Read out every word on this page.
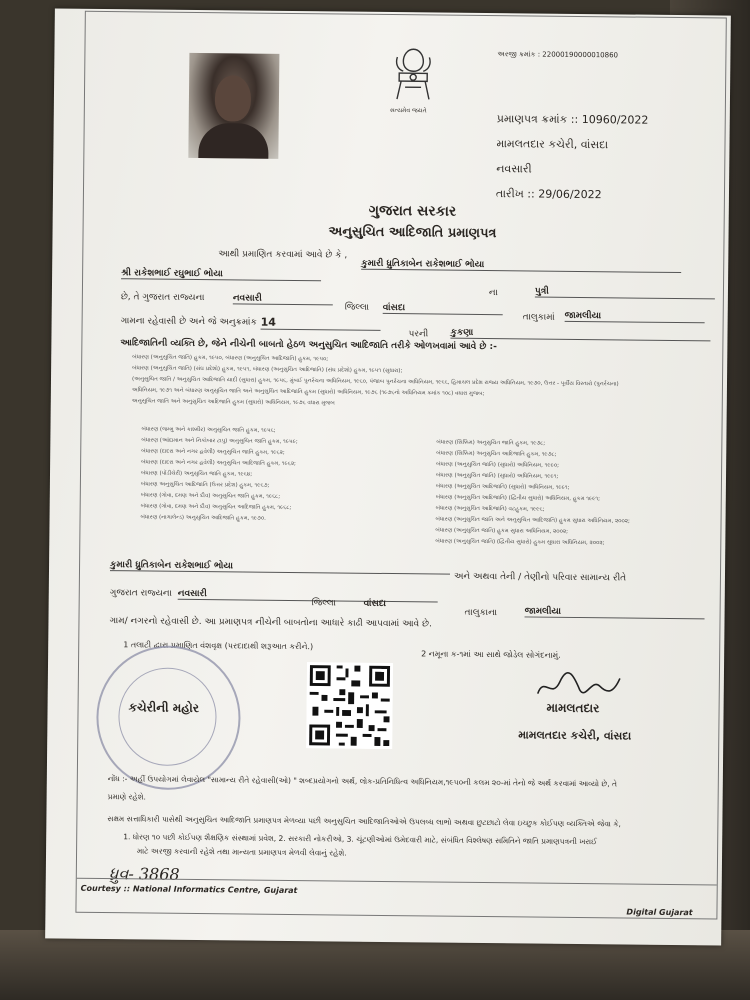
સત્યમેવ જયતે
અરજી ક્રમાંક : 22000190000010860
પ્રમાણપત્ર ક્રમાંક :: 10960/2022
મામલતદાર કચેરી, વાંસદા
નવસારી
તારીખ :: 29/06/2022
ગુજરાત સરકાર
અનુસુચિત આદિજાતિ પ્રમાણપત્ર
આથી પ્રમાણિત કરવામાં આવે છે કે ,
કુમારી ધ્રુતિકાબેન રાકેશભાઈ ભોયા
શ્રી રાકેશભાઈ રઘુભાઈ ભોયા
ના	પુત્રી
છે, તે ગુજરાત રાજ્યના	નવસારી
જિલ્લા વાંસદા
તાલુકામાં જામલીયા
ગામના રહેવાસી છે અને જે અનુક્રમાંક 14
પરની કુકણા
આદિજાતિની વ્યક્તિ છે, જેને નીચેની બાબતો હેઠળ અનુસુચિત આદિજાતિ તરીકે ઓળખવામાં આવે છે :-
બંધારણ (અનુસુચિત જાતિ) હુકમ, ૧૯૫૦, બંધારણ (અનુસુચિત આદિજાતિ) હુકમ, ૧૯૫૦;
બંધારણ (અનુસુચિત જાતિ) (સંઘ પ્રદેશો) હુકમ, ૧૯૫૧, બંધારણ (અનુસુચિત આદિજાતિ) (સંઘ પ્રદેશો) હુકમ, ૧૯૫૧ (સુધારા);
(અનુસુચિત જાતિ / અનુસુચિત આદિજાતિ યાદી (સુધારા) હુકમ, ૧૯૫૬, મુંબઈ પુનર્રચના અધિનિયમ, ૧૯૬૦, પંજાબ પુનર્રચના અધિનિયમ, ૧૯૬૬, હિમાચલ પ્રદેશ રાજ્ય અધિનિયમ, ૧૯૭૦, ઉત્તર - પૂર્વીય વિસ્તારો (પુનર્રચના)
અધિનિયમ, ૧૯૭૧ અને બંધારણ અનુસુચિત જાતિ અને અનુસુચિત આદિજાતિ હુકમ (સુધારો) અધિનિયમ, ૧૯૭૬ (૧૯૭૬નો અધિનિયમ ક્રમાંક ૧૦૮) વધારા મુજબ;
અનુસુચિત જાતિ અને અનુસુચિત આદિજાતિ હુકમ (સુધારો) અધિનિયમ, ૧૯૭૬ વધારા મુજબ
બંધારણ (જમ્મુ અને કાશ્મીર) અનુસુચિત જાતિ હુકમ, ૧૯૫૬;
બંધારણ (આંદામાન અને નિકોબાર ટાપુ) અનુસુચિત જાતિ હુકમ, ૧૯૫૯;
બંધારણ (દાદરા અને નગર હવેલી) અનુસુચિત જાતિ હુકમ, ૧૯૬૨;
બંધારણ (દાદરા અને નગર હવેલી) અનુસુચિત આદિજાતિ હુકમ, ૧૯૬૨;
બંધારણ (પોંડીચેરી) અનુસુચિત જાતિ હુકમ, ૧૯૬૪;
બંધારણ અનુસુચિત આદિજાતિ (ઉત્તર પ્રદેશ) હુકમ, ૧૯૬૭;
બંધારણ (ગોવા, દમણ અને દીવ) અનુસુચિત જાતિ હુકમ, ૧૯૬૮;
બંધારણ (ગોવા, દમણ અને દીવ) અનુસુચિત આદિજાતિ હુકમ, ૧૯૬૮;
બંધારણ (નાગાલેન્ડ) અનુસુચિત આદિજાતિ હુકમ, ૧૯૭૦.
બંધારણ (સિક્કિમ) અનુસુચિત જાતિ હુકમ, ૧૯૭૮;
બંધારણ (સિક્કિમ) અનુસુચિત આદિજાતિ હુકમ, ૧૯૭૮;
બંધારણ (અનુસુચિત જાતિ) (સુધારો) અધિનિયમ, ૧૯૯૦;
બંધારણ (અનુસુચિત જાતિ) (સુધારો) અધિનિયમ, ૧૯૯૧;
બંધારણ (અનુસુચિત આદિજાતિ) (સુધારો) અધિનિયમ, ૧૯૯૧;
બંધારણ (અનુસુચિત આદિજાતિ) (દ્વિતીય સુધારો) અધિનિયમ, હુકમ ૧૯૯૧;
બંધારણ (અનુસુચિત આદિજાતિ) વટહુકમ, ૧૯૯૬;
બંધારણ (અનુસુચિત જાતિ અને અનુસુચિત આદિજાતિ) હુકમ સુધારા અધિનિયમ, ૨૦૦૨;
બંધારણ (અનુસુચિત જાતિ) હુકમ સુધારા અધિનિયમ, ૨૦૦૨;
બંધારણ (અનુસુચિત જાતિ) (દ્વિતીય સુધારો) હુકમ સુધારા અધિનિયમ, ૨૦૦૨;
કુમારી ધ્રુતિકાબેન રાકેશભાઈ ભોયા
અને અથવા તેની / તેણીનો પરિવાર સામાન્ય રીતે
ગુજરાત રાજ્યના નવસારી
જિલ્લા	વાંસદા
તાલુકાના	જામલીયા
ગામ/ નગરનો રહેવાસી છે. આ પ્રમાણપત્ર નીચેની બાબતોના આધારે કાઢી આપવામાં આવે છે.
1 તલાટી દ્વારા પ્રમાણિત વંશવૃક્ષ (પરદાદાથી શરૂઆત કરીને.)
2 નમૂના ક-૧માં આ સાથે જોડેલ સોગંદનામું.
કચેરીની મહોર	મામલતદાર
મામલતદાર કચેરી, વાંસદા
નોંધ :- અહીં ઉપયોગમાં લેવાયેલ "સામાન્ય રીતે રહેવાસી(ઓ) " શબ્દપ્રયોગનો અર્થ, લોક-પ્રતિનિધિત્વ અધિનિયમ,૧૯૫૦ની કલમ ૨૦-માં તેનો જે અર્થ કરવામાં આવ્યો છે, તે
પ્રમાણે રહેશે.
સક્ષમ સત્તાધિકારી પાસેથી અનુસુચિત આદિજાતિ પ્રમાણપત્ર મેળવ્યા પછી અનુસુચિત આદિજાતિઓએ ઉપલબ્ધ લાભો અથવા છુટછાટો લેવા ઇચ્છુક કોઈપણ વ્યક્તિએ જેવા કે,
1. ધોરણ ૧૦ પછી કોઈપણ શૈક્ષણિક સંસ્થામાં પ્રવેશ, 2. સરકારી નોકરીઓ, 3. ચૂંટણીઓમાં ઉમેદવારી માટે, સંબંધિત વિશ્લેષણ સમિતિને જાતિ પ્રમાણપત્રની ખરાઈ
માટે અરજી કરવાની રહેશે તથા માન્યતા પ્રમાણપત્ર મેળવી લેવાનું રહેશે.
ધ્રુવ- 3868
Courtesy :: National Informatics Centre, Gujarat
Digital Gujarat
